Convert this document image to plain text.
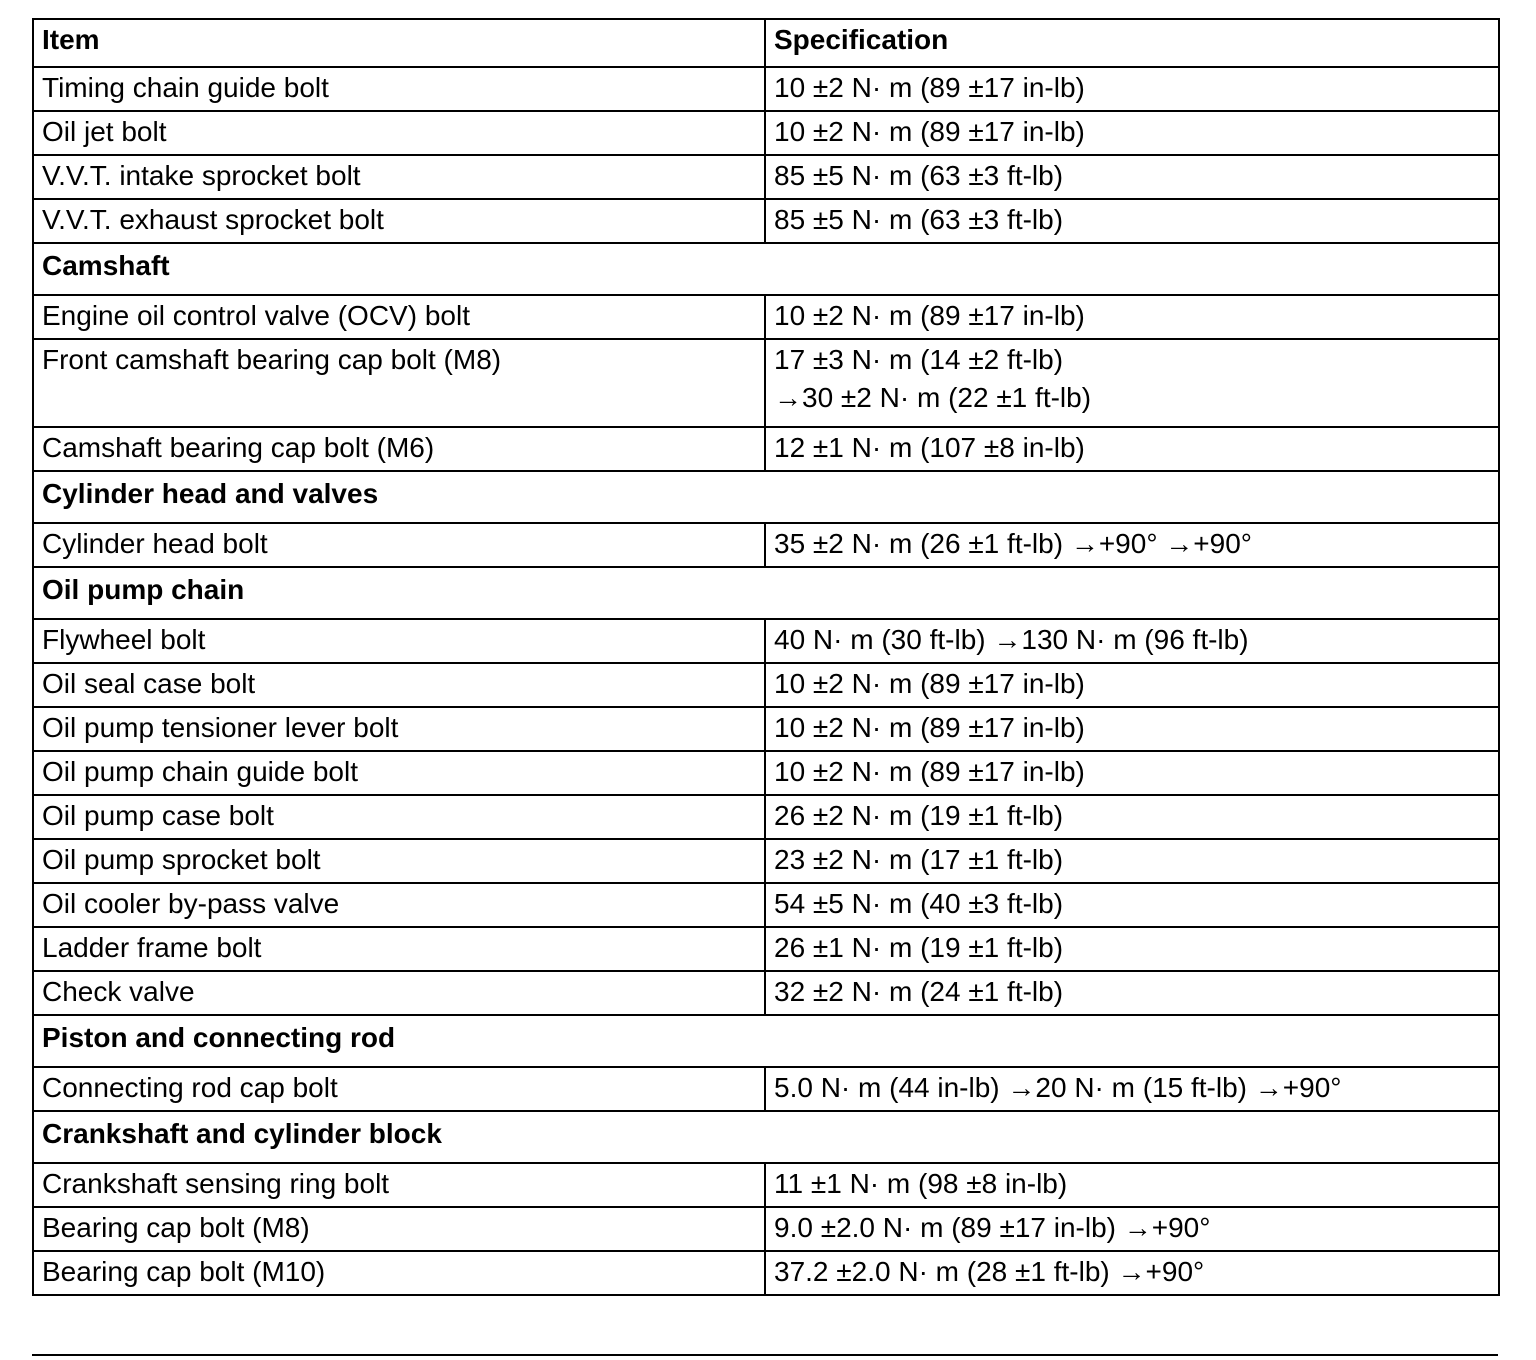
Item	Specification
Timing chain guide bolt	10 ±2 N· m (89 ±17 in-lb)

Oil jet bolt	10 ±2 N· m (89 ±17 in-lb)

V.V.T. intake sprocket bolt	85 ±5 N· m (63 ±3 ft-lb)

V.V.T. exhaust sprocket bolt	85 ±5 N· m (63 ±3 ft-lb)

Camshaft	
Engine oil control valve (OCV) bolt	10 ±2 N· m (89 ±17 in-lb)

Front camshaft bearing cap bolt (M8)	17 ±3 N· m (14 ±2 ft-lb)
→30 ±2 N· m (22 ±1 ft-lb)

Camshaft bearing cap bolt (M6)	12 ±1 N· m (107 ±8 in-lb)

Cylinder head and valves	
Cylinder head bolt	35 ±2 N· m (26 ±1 ft-lb) →+90° →+90°

Oil pump chain	
Flywheel bolt	40 N· m (30 ft-lb) →130 N· m (96 ft-lb)

Oil seal case bolt	10 ±2 N· m (89 ±17 in-lb)

Oil pump tensioner lever bolt	10 ±2 N· m (89 ±17 in-lb)

Oil pump chain guide bolt	10 ±2 N· m (89 ±17 in-lb)

Oil pump case bolt	26 ±2 N· m (19 ±1 ft-lb)

Oil pump sprocket bolt	23 ±2 N· m (17 ±1 ft-lb)

Oil cooler by-pass valve	54 ±5 N· m (40 ±3 ft-lb)

Ladder frame bolt	26 ±1 N· m (19 ±1 ft-lb)

Check valve	32 ±2 N· m (24 ±1 ft-lb)

Piston and connecting rod	
Connecting rod cap bolt	5.0 N· m (44 in-lb) →20 N· m (15 ft-lb) →+90°

Crankshaft and cylinder block	
Crankshaft sensing ring bolt	11 ±1 N· m (98 ±8 in-lb)

Bearing cap bolt (M8)	9.0 ±2.0 N· m (89 ±17 in-lb) →+90°

Bearing cap bolt (M10)	37.2 ±2.0 N· m (28 ±1 ft-lb) →+90°
